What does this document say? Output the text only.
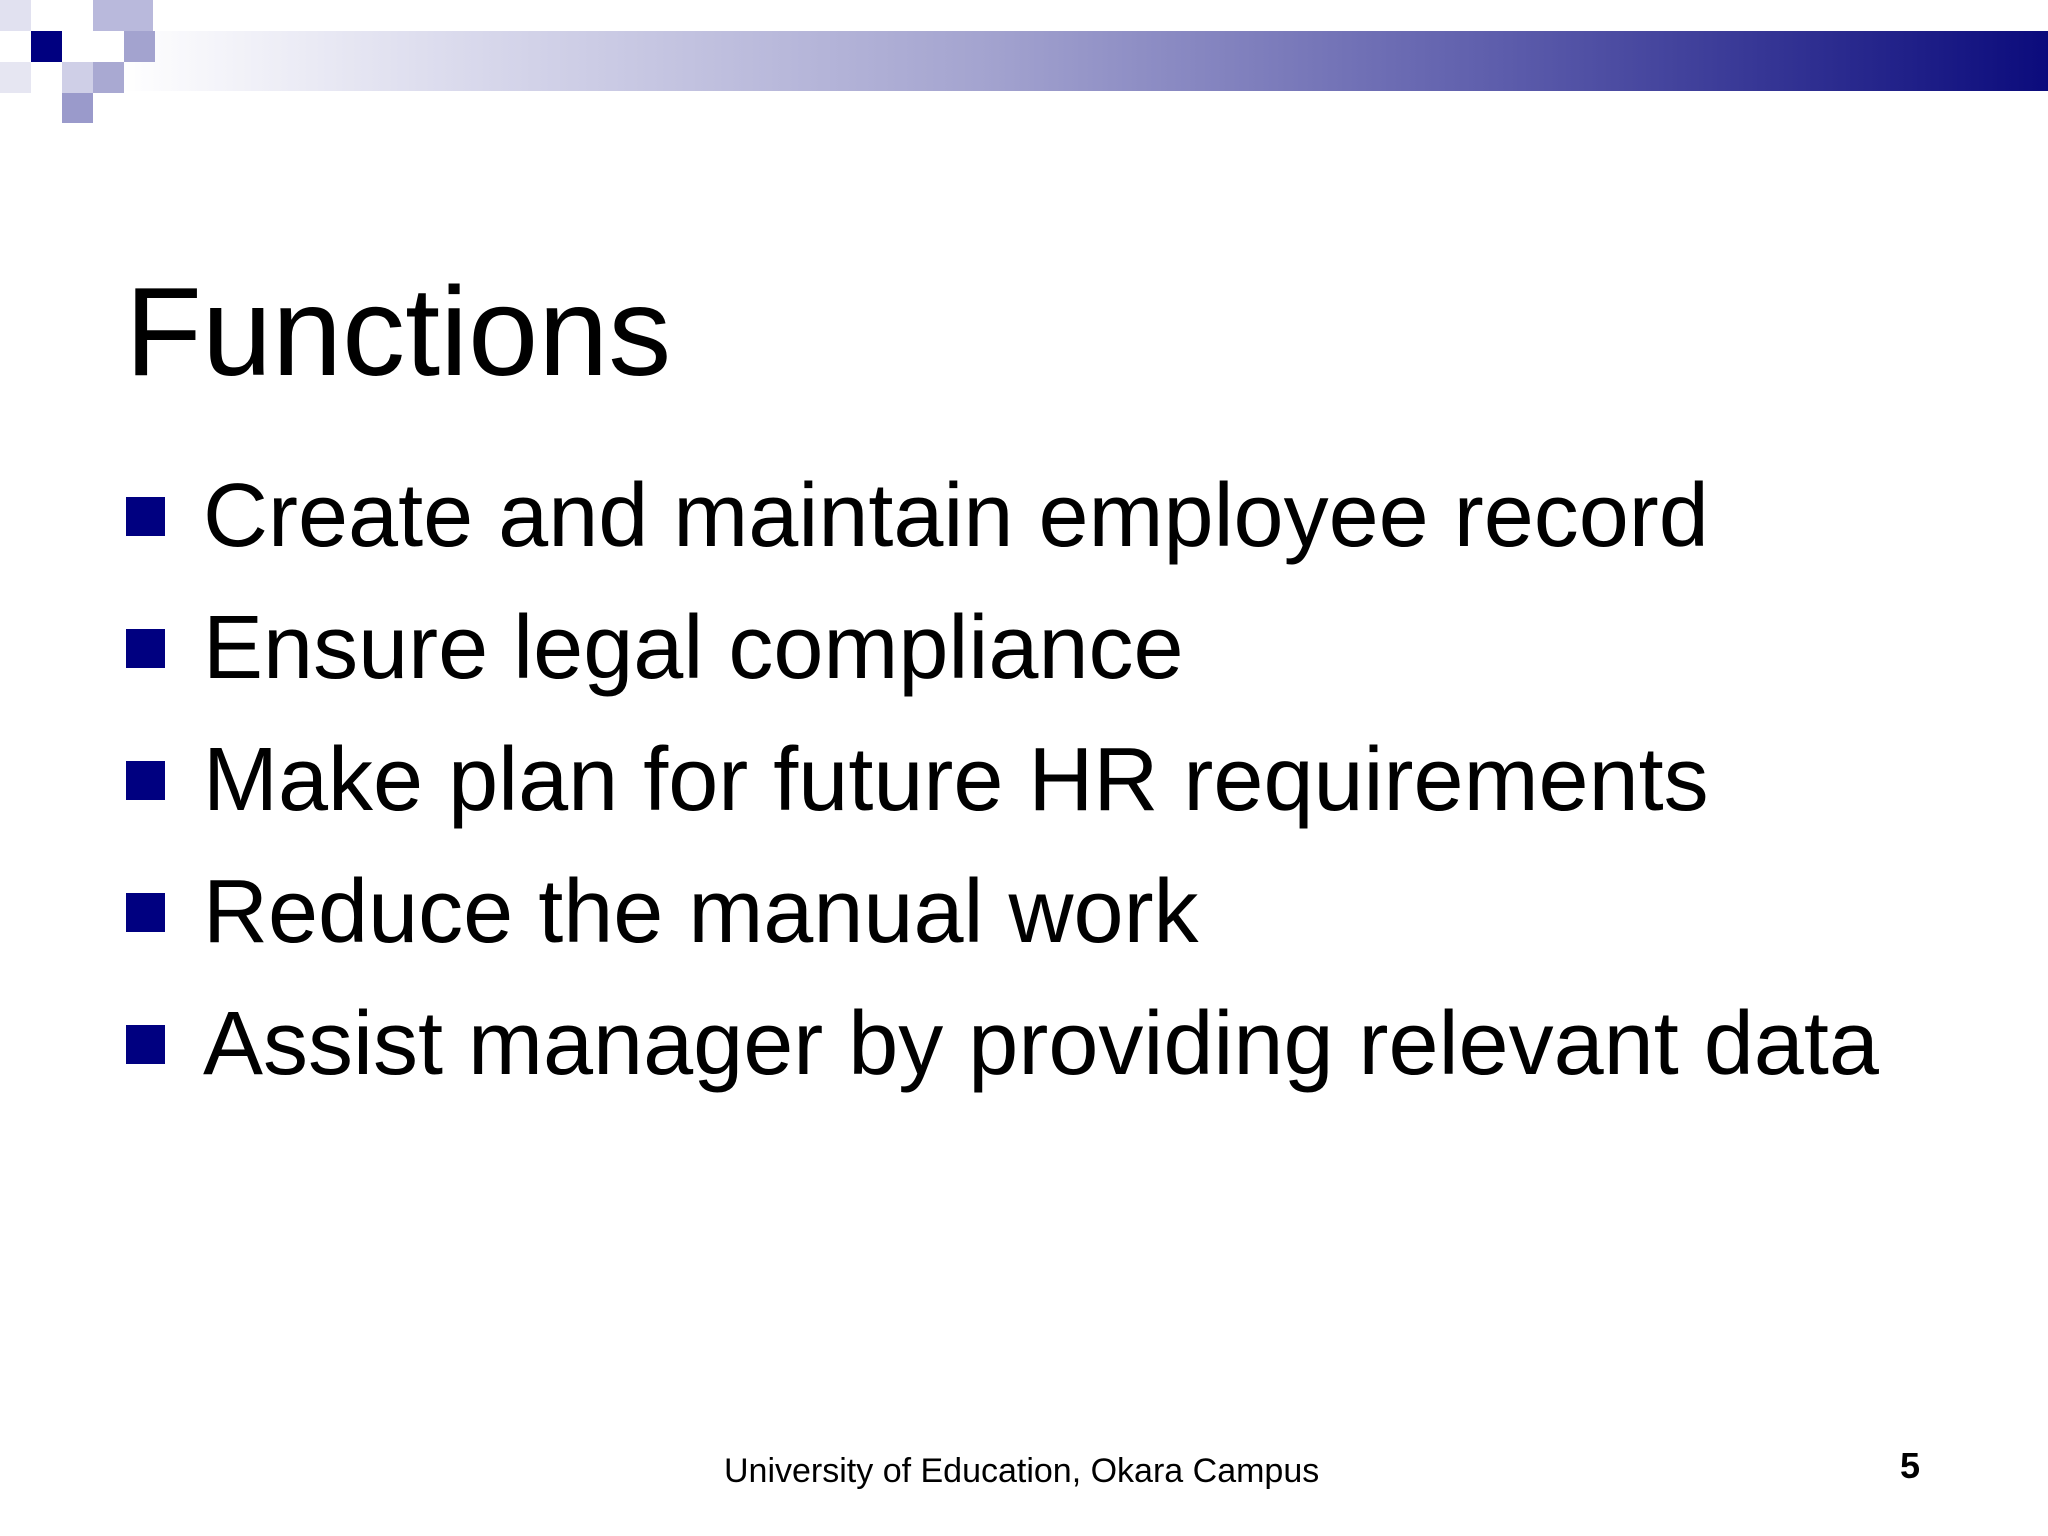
Functions
Create and maintain employee record
Ensure legal compliance
Make plan for future HR requirements
Reduce the manual work
Assist manager by providing relevant data
University of Education, Okara Campus	5
